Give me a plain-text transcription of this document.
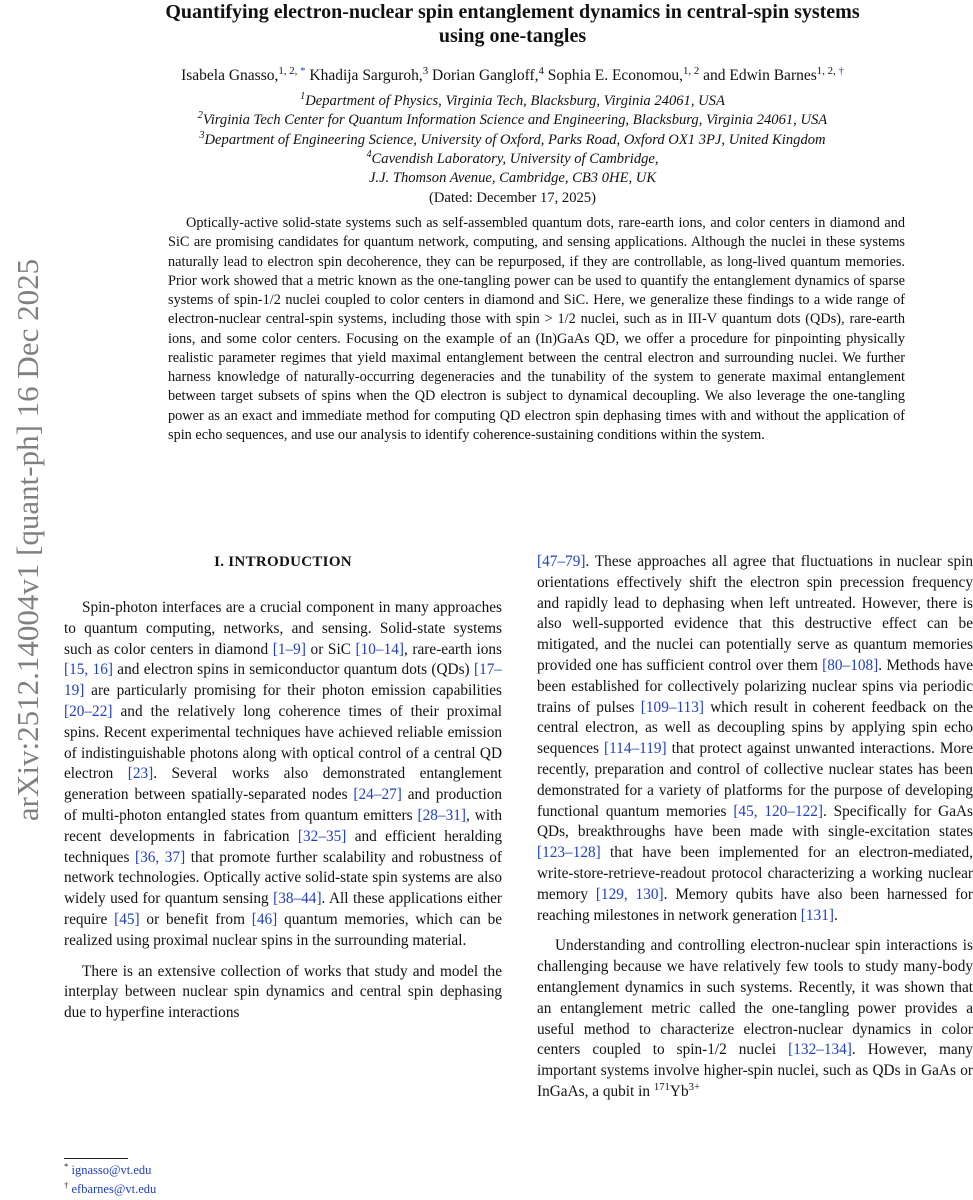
arXiv:2512.14004v1 [quant-ph] 16 Dec 2025
Quantifying electron-nuclear spin entanglement dynamics in central-spin systems
using one-tangles
Isabela Gnasso,$^{1, 2, *}$ Khadija Sarguroh,$^3$ Dorian Gangloff,$^4$ Sophia E. Economou,$^{1, 2}$ and Edwin Barnes$^{1, 2, \dagger}$
$^1$Department of Physics, Virginia Tech, Blacksburg, Virginia 24061, USA
$^2$Virginia Tech Center for Quantum Information Science and Engineering, Blacksburg, Virginia 24061, USA
$^3$Department of Engineering Science, University of Oxford, Parks Road, Oxford OX1 3PJ, United Kingdom
$^4$Cavendish Laboratory, University of Cambridge,
J.J. Thomson Avenue, Cambridge, CB3 0HE, UK
(Dated: December 17, 2025)
Optically-active solid-state systems such as self-assembled quantum dots, rare-earth ions, and color centers in diamond and SiC are promising candidates for quantum network, computing, and sensing applications. Although the nuclei in these systems naturally lead to electron spin decoherence, they can be repurposed, if they are controllable, as long-lived quantum memories. Prior work showed that a metric known as the one-tangling power can be used to quantify the entanglement dynamics of sparse systems of spin-1/2 nuclei coupled to color centers in diamond and SiC. Here, we generalize these findings to a wide range of electron-nuclear central-spin systems, including those with spin > 1/2 nuclei, such as in III-V quantum dots (QDs), rare-earth ions, and some color centers. Focusing on the example of an (In)GaAs QD, we offer a procedure for pinpointing physically realistic parameter regimes that yield maximal entanglement between the central electron and surrounding nuclei. We further harness knowledge of naturally-occurring degeneracies and the tunability of the system to generate maximal entanglement between target subsets of spins when the QD electron is subject to dynamical decoupling. We also leverage the one-tangling power as an exact and immediate method for computing QD electron spin dephasing times with and without the application of spin echo sequences, and use our analysis to identify coherence-sustaining conditions within the system.
I. INTRODUCTION

Spin-photon interfaces are a crucial component in many approaches to quantum computing, networks, and sensing. Solid-state systems such as color centers in diamond [1–9] or SiC [10–14], rare-earth ions [15, 16] and electron spins in semiconductor quantum dots (QDs) [17–19] are particularly promising for their photon emission capabilities [20–22] and the relatively long coherence times of their proximal spins. Recent experimental techniques have achieved reliable emission of indistinguishable photons along with optical control of a central QD electron [23]. Several works also demonstrated entanglement generation between spatially-separated nodes [24–27] and production of multi-photon entangled states from quantum emitters [28–31], with recent developments in fabrication [32–35] and efficient heralding techniques [36, 37] that promote further scalability and robustness of network technologies. Optically active solid-state spin systems are also widely used for quantum sensing [38–44]. All these applications either require [45] or benefit from [46] quantum memories, which can be realized using proximal nuclear spins in the surrounding material.

There is an extensive collection of works that study and model the interplay between nuclear spin dynamics and central spin dephasing due to hyperfine interactions

[47–79]. These approaches all agree that fluctuations in nuclear spin orientations effectively shift the electron spin precession frequency and rapidly lead to dephasing when left untreated. However, there is also well-supported evidence that this destructive effect can be mitigated, and the nuclei can potentially serve as quantum memories provided one has sufficient control over them [80–108]. Methods have been established for collectively polarizing nuclear spins via periodic trains of pulses [109–113] which result in coherent feedback on the central electron, as well as decoupling spins by applying spin echo sequences [114–119] that protect against unwanted interactions. More recently, preparation and control of collective nuclear states has been demonstrated for a variety of platforms for the purpose of developing functional quantum memories [45, 120–122]. Specifically for GaAs QDs, breakthroughs have been made with single-excitation states [123–128] that have been implemented for an electron-mediated, write-store-retrieve-readout protocol characterizing a working nuclear memory [129, 130]. Memory qubits have also been harnessed for reaching milestones in network generation [131].

Understanding and controlling electron-nuclear spin interactions is challenging because we have relatively few tools to study many-body entanglement dynamics in such systems. Recently, it was shown that an entanglement metric called the one-tangling power provides a useful method to characterize electron-nuclear dynamics in color centers coupled to spin-1/2 nuclei [132–134]. However, many important systems involve higher-spin nuclei, such as QDs in GaAs or InGaAs, a qubit in $^{171}Yb^{3+}$

* ignasso@vt.edu
† efbarnes@vt.edu
